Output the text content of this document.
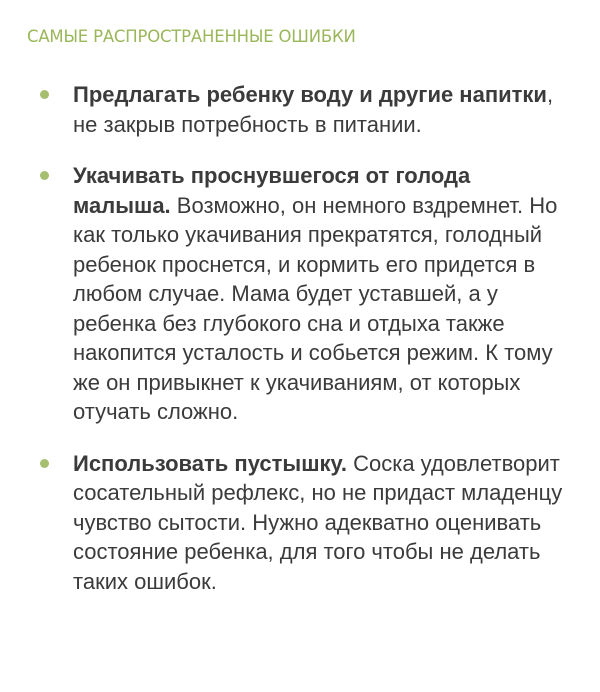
САМЫЕ РАСПРОСТРАНЕННЫЕ ОШИБКИ
Предлагать ребенку воду и другие напитки, не закрыв потребность в питании.
Укачивать проснувшегося от голода малыша. Возможно, он немного вздремнет. Но как только укачивания прекратятся, голодный ребенок проснется, и кормить его придется в любом случае. Мама будет уставшей, а у ребенка без глубокого сна и отдыха также накопится усталость и собьется режим. К тому же он привыкнет к укачиваниям, от которых отучать сложно.
Использовать пустышку. Соска удовлетворит сосательный рефлекс, но не придаст младенцу чувство сытости. Нужно адекватно оценивать состояние ребенка, для того чтобы не делать таких ошибок.
